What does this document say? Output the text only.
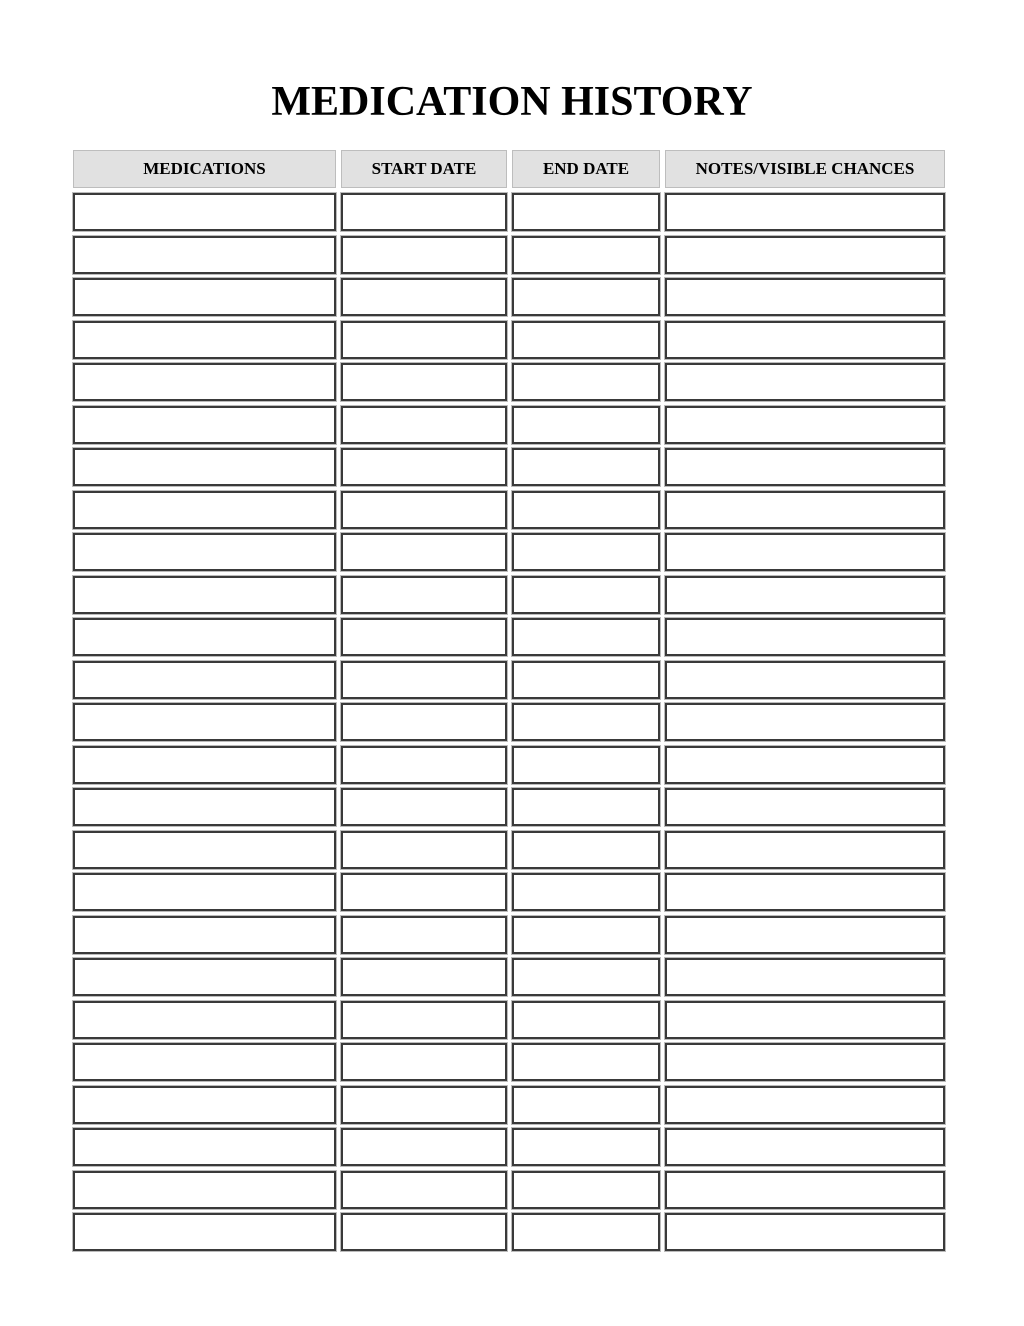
MEDICATION HISTORY
MEDICATIONS	START DATE	END DATE	NOTES/VISIBLE CHANCES
